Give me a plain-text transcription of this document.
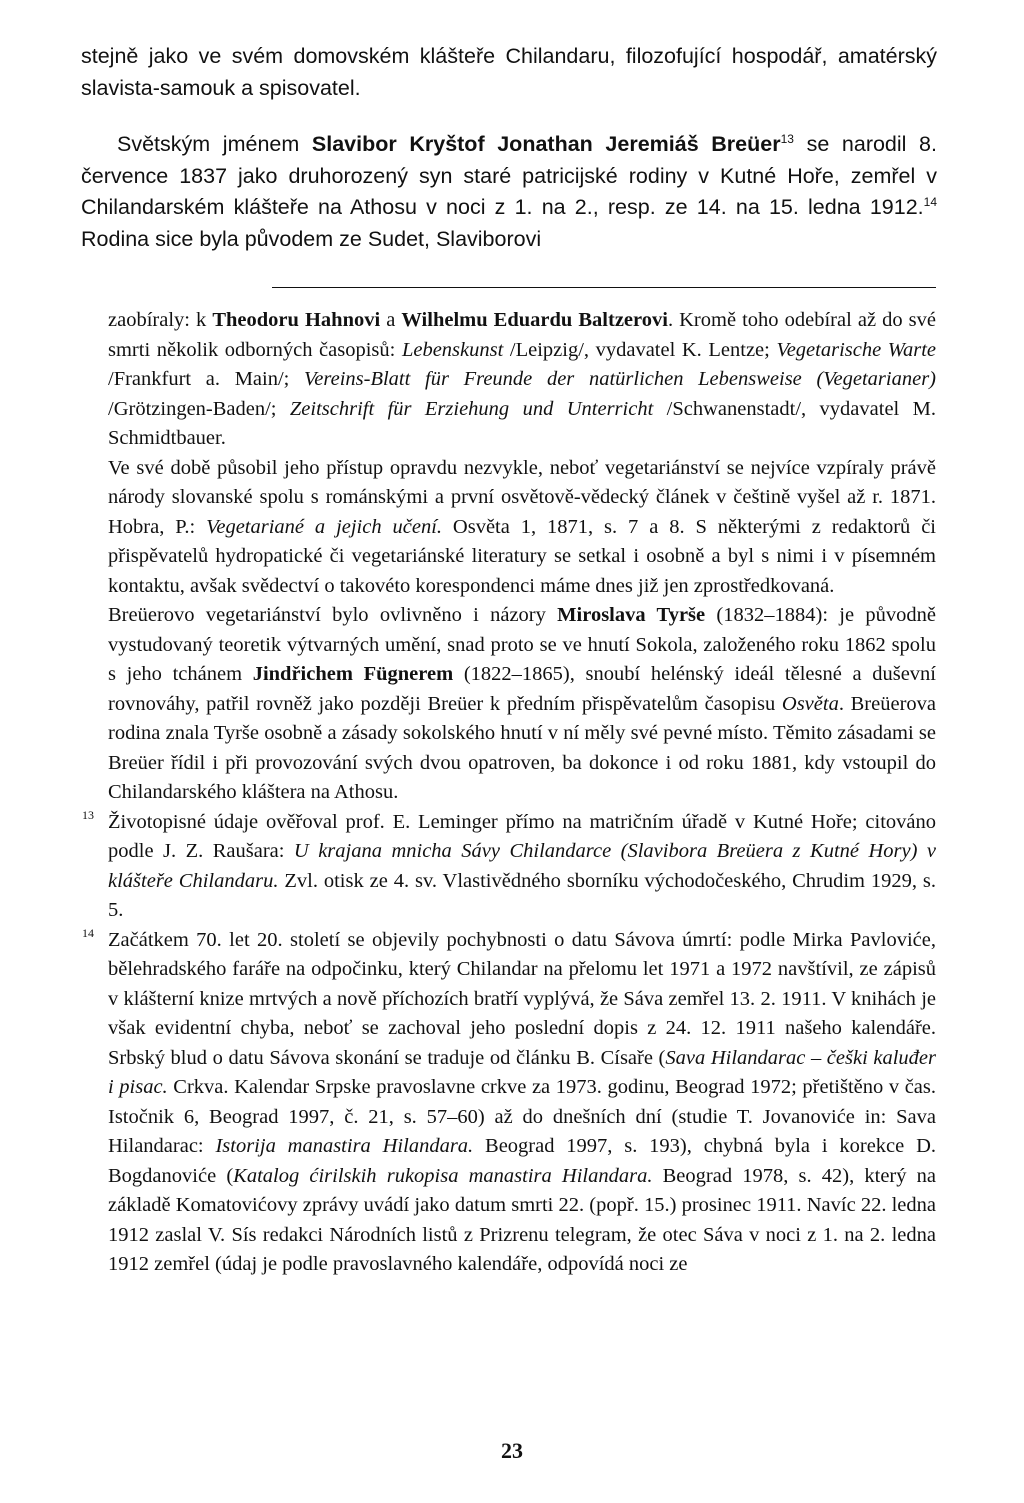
stejně jako ve svém domovském klášteře Chilandaru, filozofující hospodář, amatérský slavista-samouk a spisovatel.

Světským jménem Slavibor Kryštof Jonathan Jeremiáš Breüer$^{13}$ se narodil 8. července 1837 jako druhorozený syn staré patricijské rodiny v Kutné Hoře, zemřel v Chilandarském klášteře na Athosu v noci z 1. na 2., resp. ze 14. na 15. ledna 1912.14 Rodina sice byla původem ze Sudet, Slaviborovi

zaobíraly: k Theodoru Hahnovi a Wilhelmu Eduardu Baltzerovi. Kromě toho odebíral až do své smrti několik odborných časopisů: Lebenskunst /Leipzig/, vydavatel K. Lentze; Vegetarische Warte /Frankfurt a. Main/; Vereins-Blatt für Freunde der natürlichen Lebensweise (Vegetarianer) /Grötzingen-Baden/; Zeitschrift für Erziehung und Unterricht /Schwanenstadt/, vydavatel M. Schmidtbauer.

Ve své době působil jeho přístup opravdu nezvykle, neboť vegetariánství se nejvíce vzpíraly právě národy slovanské spolu s románskými a první osvětově-vědecký článek v češtině vyšel až r. 1871. Hobra, P.: Vegetariané a jejich učení. Osvěta 1, 1871, s. 7 a 8. S některými z redaktorů či přispěvatelů hydropatické či vegetariánské literatury se setkal i osobně a byl s nimi i v písemném kontaktu, avšak svědectví o takovéto korespondenci máme dnes již jen zprostředkovaná.

Breüerovo vegetariánství bylo ovlivněno i názory Miroslava Tyrše (1832–1884): je původně vystudovaný teoretik výtvarných umění, snad proto se ve hnutí Sokola, založeného roku 1862 spolu s jeho tchánem Jindřichem Fügnerem (1822–1865), snoubí helénský ideál tělesné a duševní rovnováhy, patřil rovněž jako později Breüer k předním přispěvatelům časopisu Osvěta. Breüerova rodina znala Tyrše osobně a zásady sokolského hnutí v ní měly své pevné místo. Těmito zásadami se Breüer řídil i při provozování svých dvou opatroven, ba dokonce i od roku 1881, kdy vstoupil do Chilandarského kláštera na Athosu.

13 Životopisné údaje ověřoval prof. E. Leminger přímo na matričním úřadě v Kutné Hoře; citováno podle J. Z. Raušara: U krajana mnicha Sávy Chilandarce (Slavibora Breüera z Kutné Hory) v klášteře Chilandaru. Zvl. otisk ze 4. sv. Vlastivědného sborníku východočeského, Chrudim 1929, s. 5.

14 Začátkem 70. let 20. století se objevily pochybnosti o datu Sávova úmrtí: podle Mirka Pavloviće, bělehradského faráře na odpočinku, který Chilandar na přelomu let 1971 a 1972 navštívil, ze zápisů v klášterní knize mrtvých a nově příchozích bratří vyplývá, že Sáva zemřel 13. 2. 1911. V knihách je však evidentní chyba, neboť se zachoval jeho poslední dopis z 24. 12. 1911 našeho kalendáře. Srbský blud o datu Sávova skonání se traduje od článku B. Císaře (Sava Hilandarac – češki kaluđer i pisac. Crkva. Kalendar Srpske pravoslavne crkve za 1973. godinu, Beograd 1972; přetištěno v čas. Istočnik 6, Beograd 1997, č. 21, s. 57–60) až do dnešních dní (studie T. Jovanoviće in: Sava Hilandarac: Istorija manastira Hilandara. Beograd 1997, s. 193), chybná byla i korekce D. Bogdanoviće (Katalog ćirilskih rukopisa manastira Hilandara. Beograd 1978, s. 42), který na základě Komatovićovy zprávy uvádí jako datum smrti 22. (popř. 15.) prosinec 1911. Navíc 22. ledna 1912 zaslal V. Sís redakci Národních listů z Prizrenu telegram, že otec Sáva v noci z 1. na 2. ledna 1912 zemřel (údaj je podle pravoslavného kalendáře, odpovídá noci ze

23
